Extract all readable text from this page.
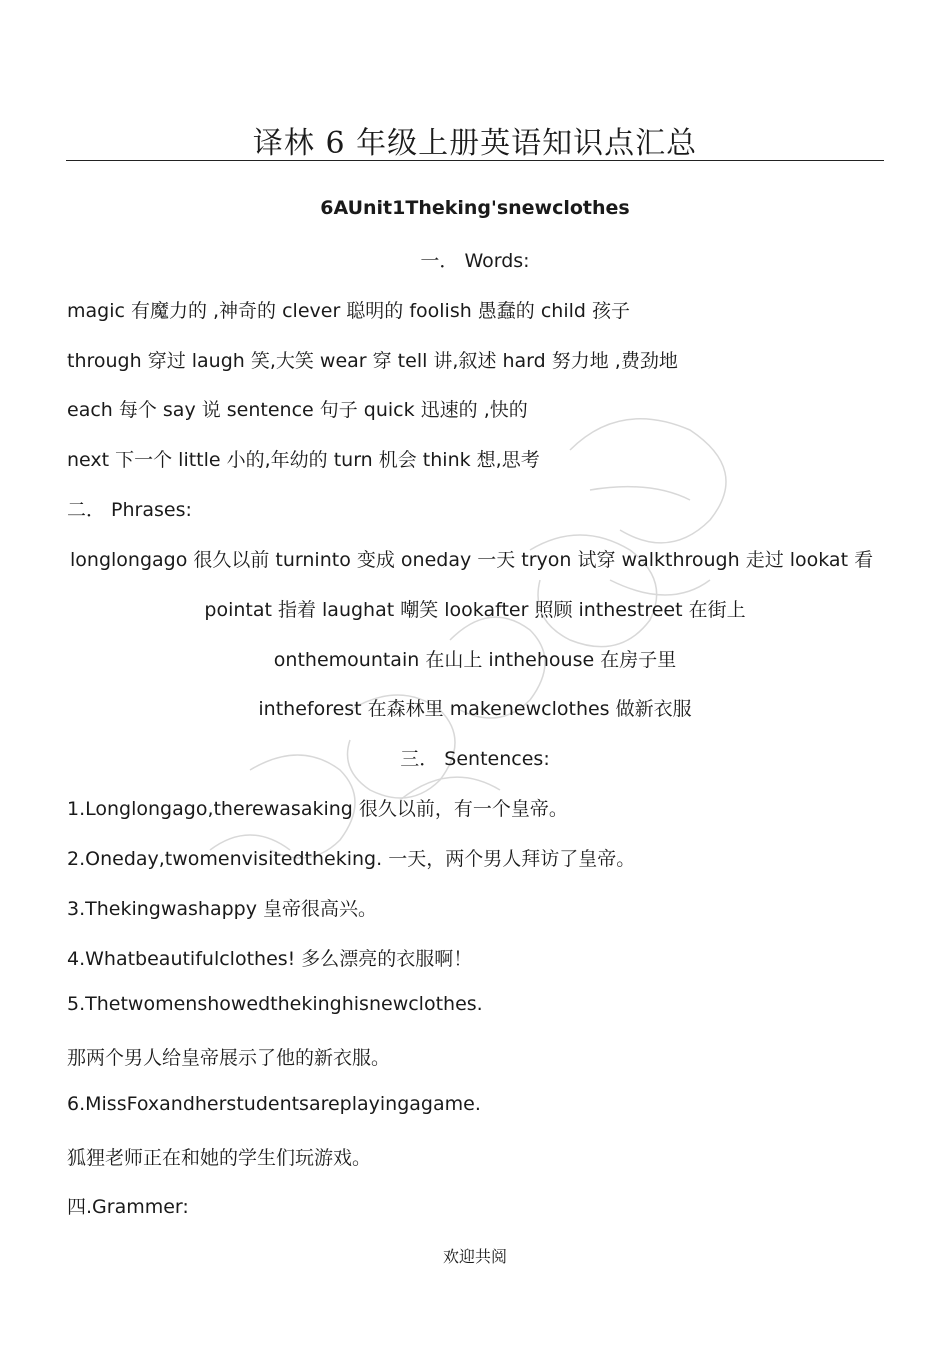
译林 6 年级上册英语知识点汇总
6AUnit1Theking'snewclothes
一． Words:
magic 有魔力的 ,神奇的 clever 聪明的 foolish 愚蠢的 child 孩子
through 穿过 laugh 笑,大笑 wear 穿 tell 讲,叙述 hard 努力地 ,费劲地
each 每个 say 说 sentence 句子 quick 迅速的 ,快的
next 下一个 little 小的,年幼的 turn 机会 think 想,思考
二． Phrases:
longlongago 很久以前 turninto 变成 oneday 一天 tryon 试穿 walkthrough 走过 lookat 看
pointat 指着 laughat 嘲笑 lookafter 照顾 inthestreet 在街上
onthemountain 在山上 inthehouse 在房子里
intheforest 在森林里 makenewclothes 做新衣服
三． Sentences:
1.Longlongago,therewasaking 很久以前，有一个皇帝。
2.Oneday,twomenvisitedtheking. 一天，两个男人拜访了皇帝。
3.Thekingwashappy 皇帝很高兴。
4.Whatbeautifulclothes! 多么漂亮的衣服啊！
5.Thetwomenshowedthekinghisnewclothes.
那两个男人给皇帝展示了他的新衣服。
6.MissFoxandherstudentsareplayingagame.
狐狸老师正在和她的学生们玩游戏。
四.Grammer:
欢迎共阅
